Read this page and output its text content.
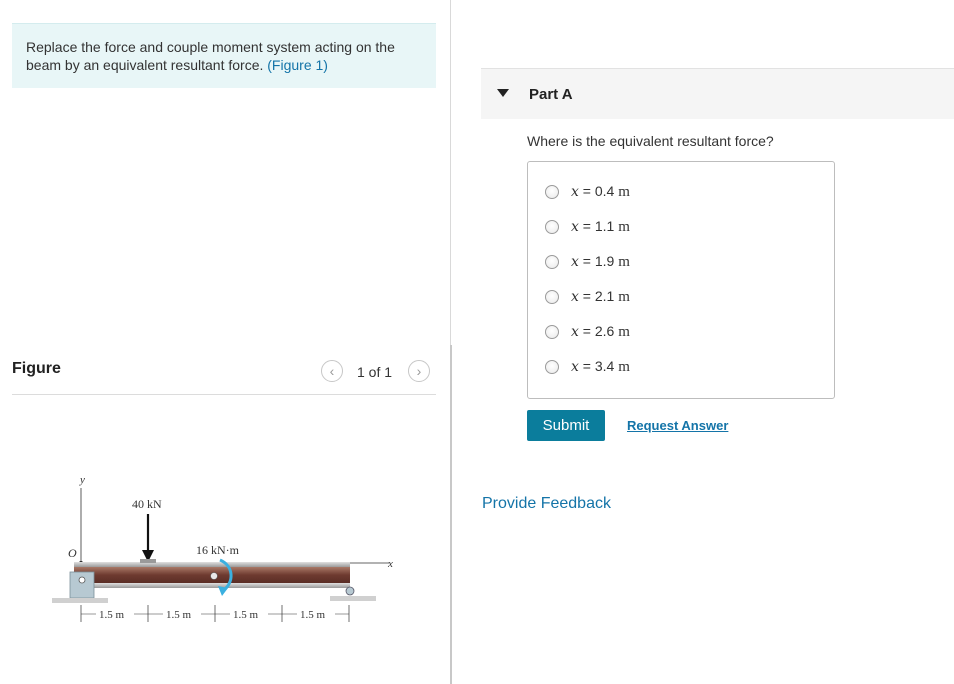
Replace the force and couple moment system acting on the beam by an equivalent resultant force. (Figure 1)
Figure	‹ 1 of 1 ›
y
x
O
40 kN
16 kN·m
1.5 m	1.5 m	1.5 m	1.5 m
Part A
Where is the equivalent resultant force?
x = 0.4 m
x = 1.1 m
x = 1.9 m
x = 2.1 m
x = 2.6 m
x = 3.4 m
Submit	Request Answer
Provide Feedback
